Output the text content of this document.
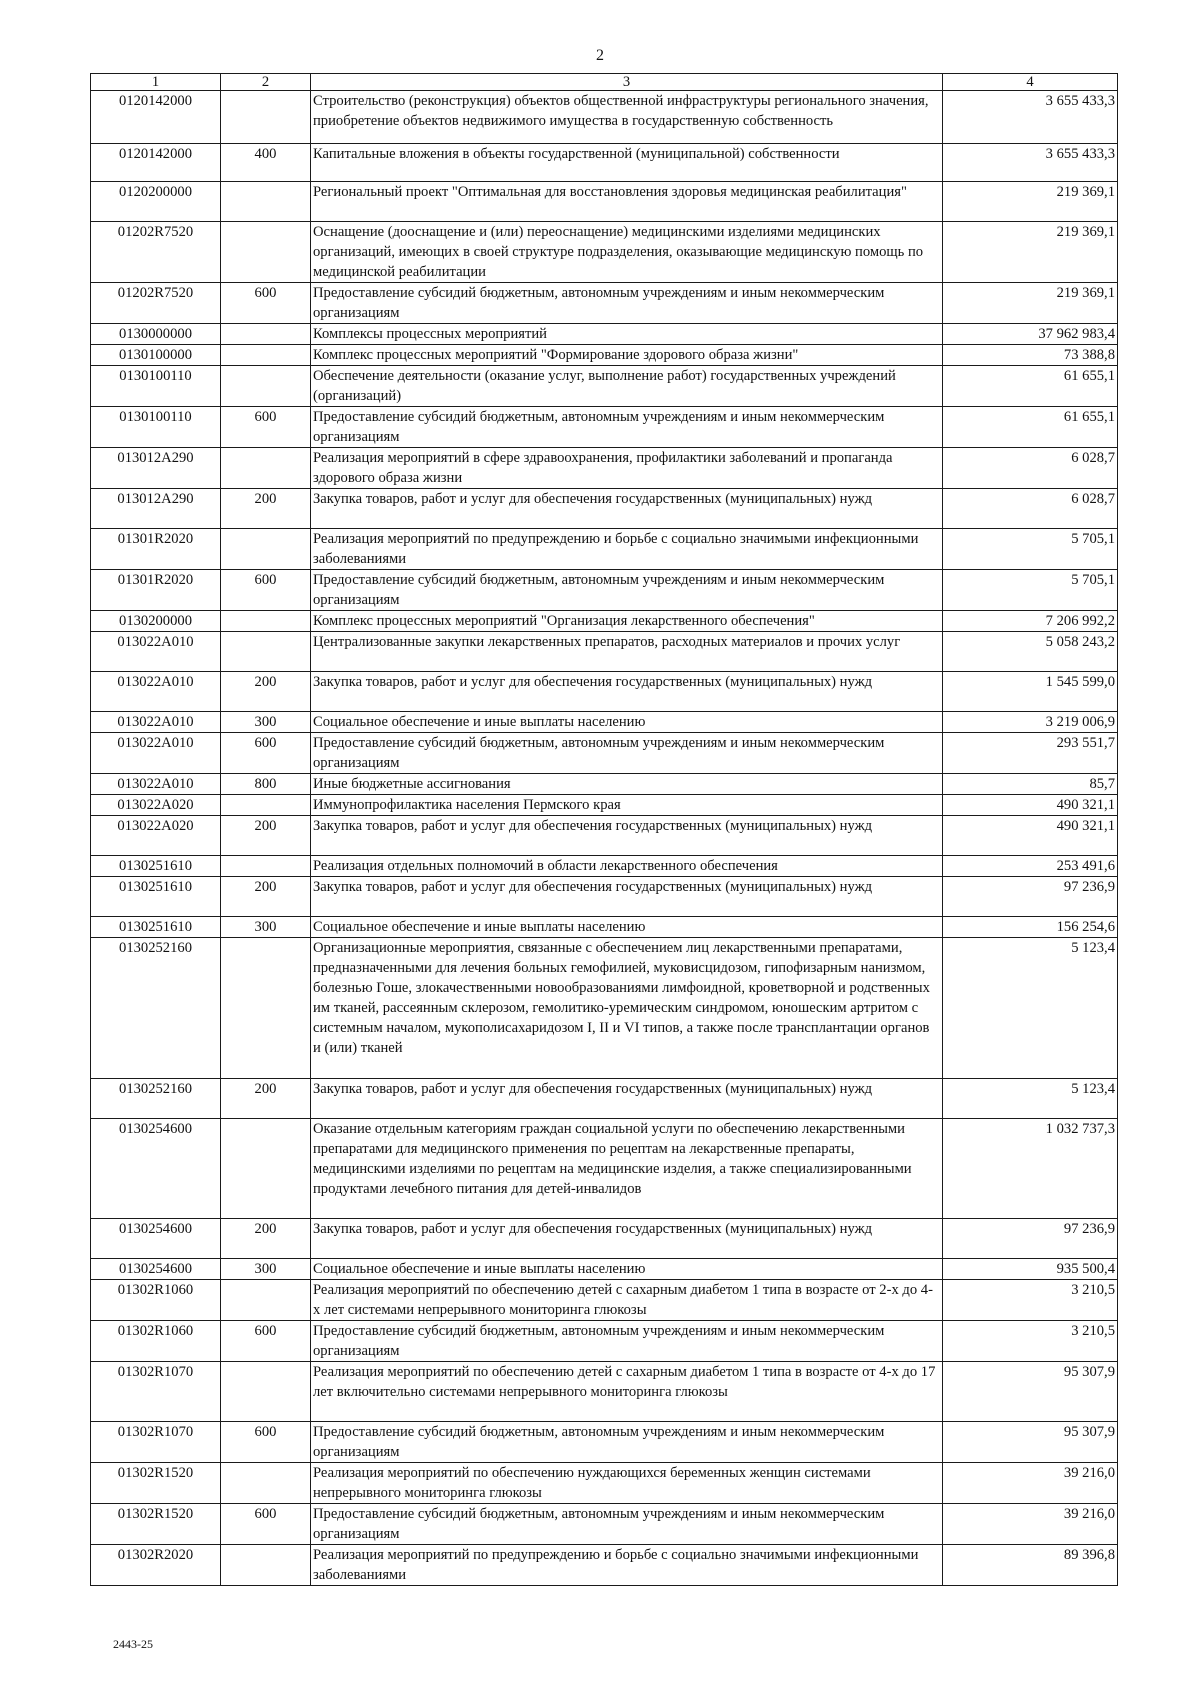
2
1	2	3	4
0120142000		Строительство (реконструкция) объектов общественной инфраструктуры регионального значения, приобретение объектов недвижимого имущества в государственную собственность	3 655 433,3
0120142000	400	Капитальные вложения в объекты государственной (муниципальной) собственности	3 655 433,3
0120200000		Региональный проект "Оптимальная для восстановления здоровья медицинская реабилитация"	219 369,1
01202R7520		Оснащение (дооснащение и (или) переоснащение) медицинскими изделиями медицинских организаций, имеющих в своей структуре подразделения, оказывающие медицинскую помощь по медицинской реабилитации	219 369,1
01202R7520	600	Предоставление субсидий бюджетным, автономным учреждениям и иным некоммерческим организациям	219 369,1
0130000000		Комплексы процессных мероприятий	37 962 983,4
0130100000		Комплекс процессных мероприятий "Формирование здорового образа жизни"	73 388,8
0130100110		Обеспечение деятельности (оказание услуг, выполнение работ) государственных учреждений (организаций)	61 655,1
0130100110	600	Предоставление субсидий бюджетным, автономным учреждениям и иным некоммерческим организациям	61 655,1
013012А290		Реализация мероприятий в сфере здравоохранения, профилактики заболеваний и пропаганда здорового образа жизни	6 028,7
013012А290	200	Закупка товаров, работ и услуг для обеспечения государственных (муниципальных) нужд	6 028,7
01301R2020		Реализация мероприятий по предупреждению и борьбе с социально значимыми инфекционными заболеваниями	5 705,1
01301R2020	600	Предоставление субсидий бюджетным, автономным учреждениям и иным некоммерческим организациям	5 705,1
0130200000		Комплекс процессных мероприятий "Организация лекарственного обеспечения"	7 206 992,2
013022А010		Централизованные закупки лекарственных препаратов, расходных материалов и прочих услуг	5 058 243,2
013022А010	200	Закупка товаров, работ и услуг для обеспечения государственных (муниципальных) нужд	1 545 599,0
013022А010	300	Социальное обеспечение и иные выплаты населению	3 219 006,9
013022А010	600	Предоставление субсидий бюджетным, автономным учреждениям и иным некоммерческим организациям	293 551,7
013022А010	800	Иные бюджетные ассигнования	85,7
013022А020		Иммунопрофилактика населения Пермского края	490 321,1
013022А020	200	Закупка товаров, работ и услуг для обеспечения государственных (муниципальных) нужд	490 321,1
0130251610		Реализация отдельных полномочий в области лекарственного обеспечения	253 491,6
0130251610	200	Закупка товаров, работ и услуг для обеспечения государственных (муниципальных) нужд	97 236,9
0130251610	300	Социальное обеспечение и иные выплаты населению	156 254,6
0130252160		Организационные мероприятия, связанные с обеспечением лиц лекарственными препаратами, предназначенными для лечения больных гемофилией, муковисцидозом, гипофизарным нанизмом, болезнью Гоше, злокачественными новообразованиями лимфоидной, кроветворной и родственных им тканей, рассеянным склерозом, гемолитико-уремическим синдромом, юношеским артритом с системным началом, мукополисахаридозом I, II и VI типов, а также после трансплантации органов и (или) тканей	5 123,4
0130252160	200	Закупка товаров, работ и услуг для обеспечения государственных (муниципальных) нужд	5 123,4
0130254600		Оказание отдельным категориям граждан социальной услуги по обеспечению лекарственными препаратами для медицинского применения по рецептам на лекарственные препараты, медицинскими изделиями по рецептам на медицинские изделия, а также специализированными продуктами лечебного питания для детей-инвалидов	1 032 737,3
0130254600	200	Закупка товаров, работ и услуг для обеспечения государственных (муниципальных) нужд	97 236,9
0130254600	300	Социальное обеспечение и иные выплаты населению	935 500,4
01302R1060		Реализация мероприятий по обеспечению детей с сахарным диабетом 1 типа в возрасте от 2-х до 4-х лет системами непрерывного мониторинга глюкозы	3 210,5
01302R1060	600	Предоставление субсидий бюджетным, автономным учреждениям и иным некоммерческим организациям	3 210,5
01302R1070		Реализация мероприятий по обеспечению детей с сахарным диабетом 1 типа в возрасте от 4-х до 17 лет включительно системами непрерывного мониторинга глюкозы	95 307,9
01302R1070	600	Предоставление субсидий бюджетным, автономным учреждениям и иным некоммерческим организациям	95 307,9
01302R1520		Реализация мероприятий по обеспечению нуждающихся беременных женщин системами непрерывного мониторинга глюкозы	39 216,0
01302R1520	600	Предоставление субсидий бюджетным, автономным учреждениям и иным некоммерческим организациям	39 216,0
01302R2020		Реализация мероприятий по предупреждению и борьбе с социально значимыми инфекционными заболеваниями	89 396,8
2443-25
